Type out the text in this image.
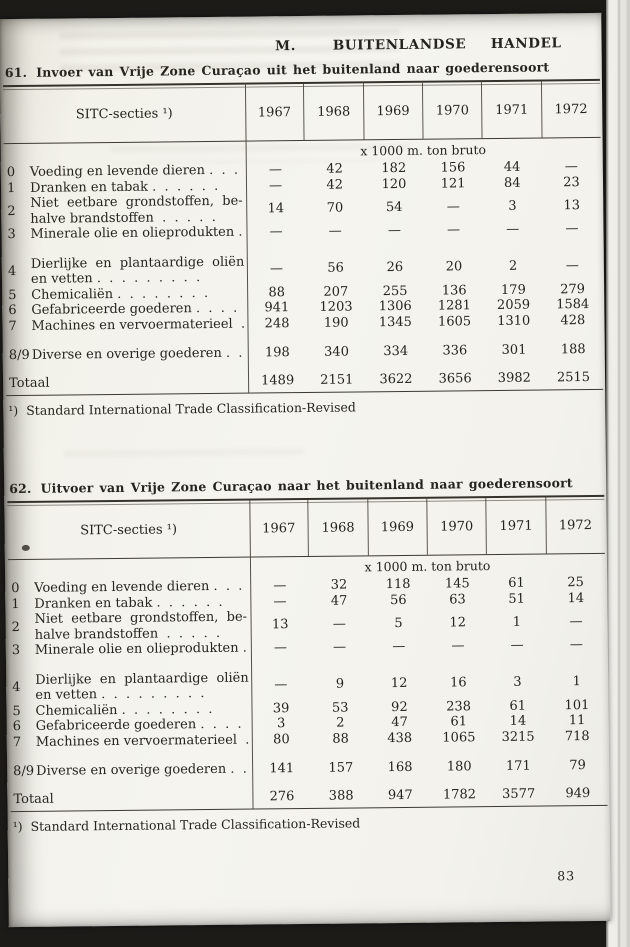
M.   BUITENLANDSE  HANDEL
61. Invoer van Vrije Zone Curaçao uit het buitenland naar goederensoort
SITC-secties ¹)	1967	1968	1969	1970	1971	1972
x 1000 m. ton bruto
0	Voeding en levende dieren .  .  .	—	42	182	156	44	—
1	Dranken en tabak .  .  .  .  .  .	—	42	120	121	84	23
2
Niet  eetbare  grondstoffen,  be-
halve brandstoffen  .  .  .  .  .
14	70	54	—	3	13
3	Minerale olie en olieprodukten .	—	—	—	—	—	—
4
Dierlijke  en  plantaardige  oliën
en vetten .  .  .  .  .  .  .  .  .
—	56	26	20	2	—
5	Chemicaliën .  .  .  .  .  .  .  .	88	207	255	136	179	279
6	Gefabriceerde goederen .  .  .  .	941	1203	1306	1281	2059	1584
7	Machines en vervoermaterieel  .	248	190	1345	1605	1310	428
8/9 Diverse en overige goederen .  .	198	340	334	336	301	188
Totaal	1489	2151	3622	3656	3982	2515
¹)  Standard International Trade Classification-Revised
62. Uitvoer van Vrije Zone Curaçao naar het buitenland naar goederensoort
SITC-secties ¹)	1967	1968	1969	1970	1971	1972
x 1000 m. ton bruto
0	Voeding en levende dieren .  .  .	—	32	118	145	61	25
1	Dranken en tabak .  .  .  .  .  .	—	47	56	63	51	14
2
Niet  eetbare  grondstoffen,  be-
halve brandstoffen  .  .  .  .  .
13	—	5	12	1	—
3	Minerale olie en olieprodukten .	—	—	—	—	—	—
4
Dierlijke  en  plantaardige  oliën
en vetten .  .  .  .  .  .  .  .  .
—	9	12	16	3	1
5	Chemicaliën .  .  .  .  .  .  .  .	39	53	92	238	61	101
6	Gefabriceerde goederen .  .  .  .	3	2	47	61	14	11
7	Machines en vervoermaterieel  .	80	88	438	1065	3215	718
8/9 Diverse en overige goederen .  .	141	157	168	180	171	79
Totaal	276	388	947	1782	3577	949
¹)  Standard International Trade Classification-Revised
83
